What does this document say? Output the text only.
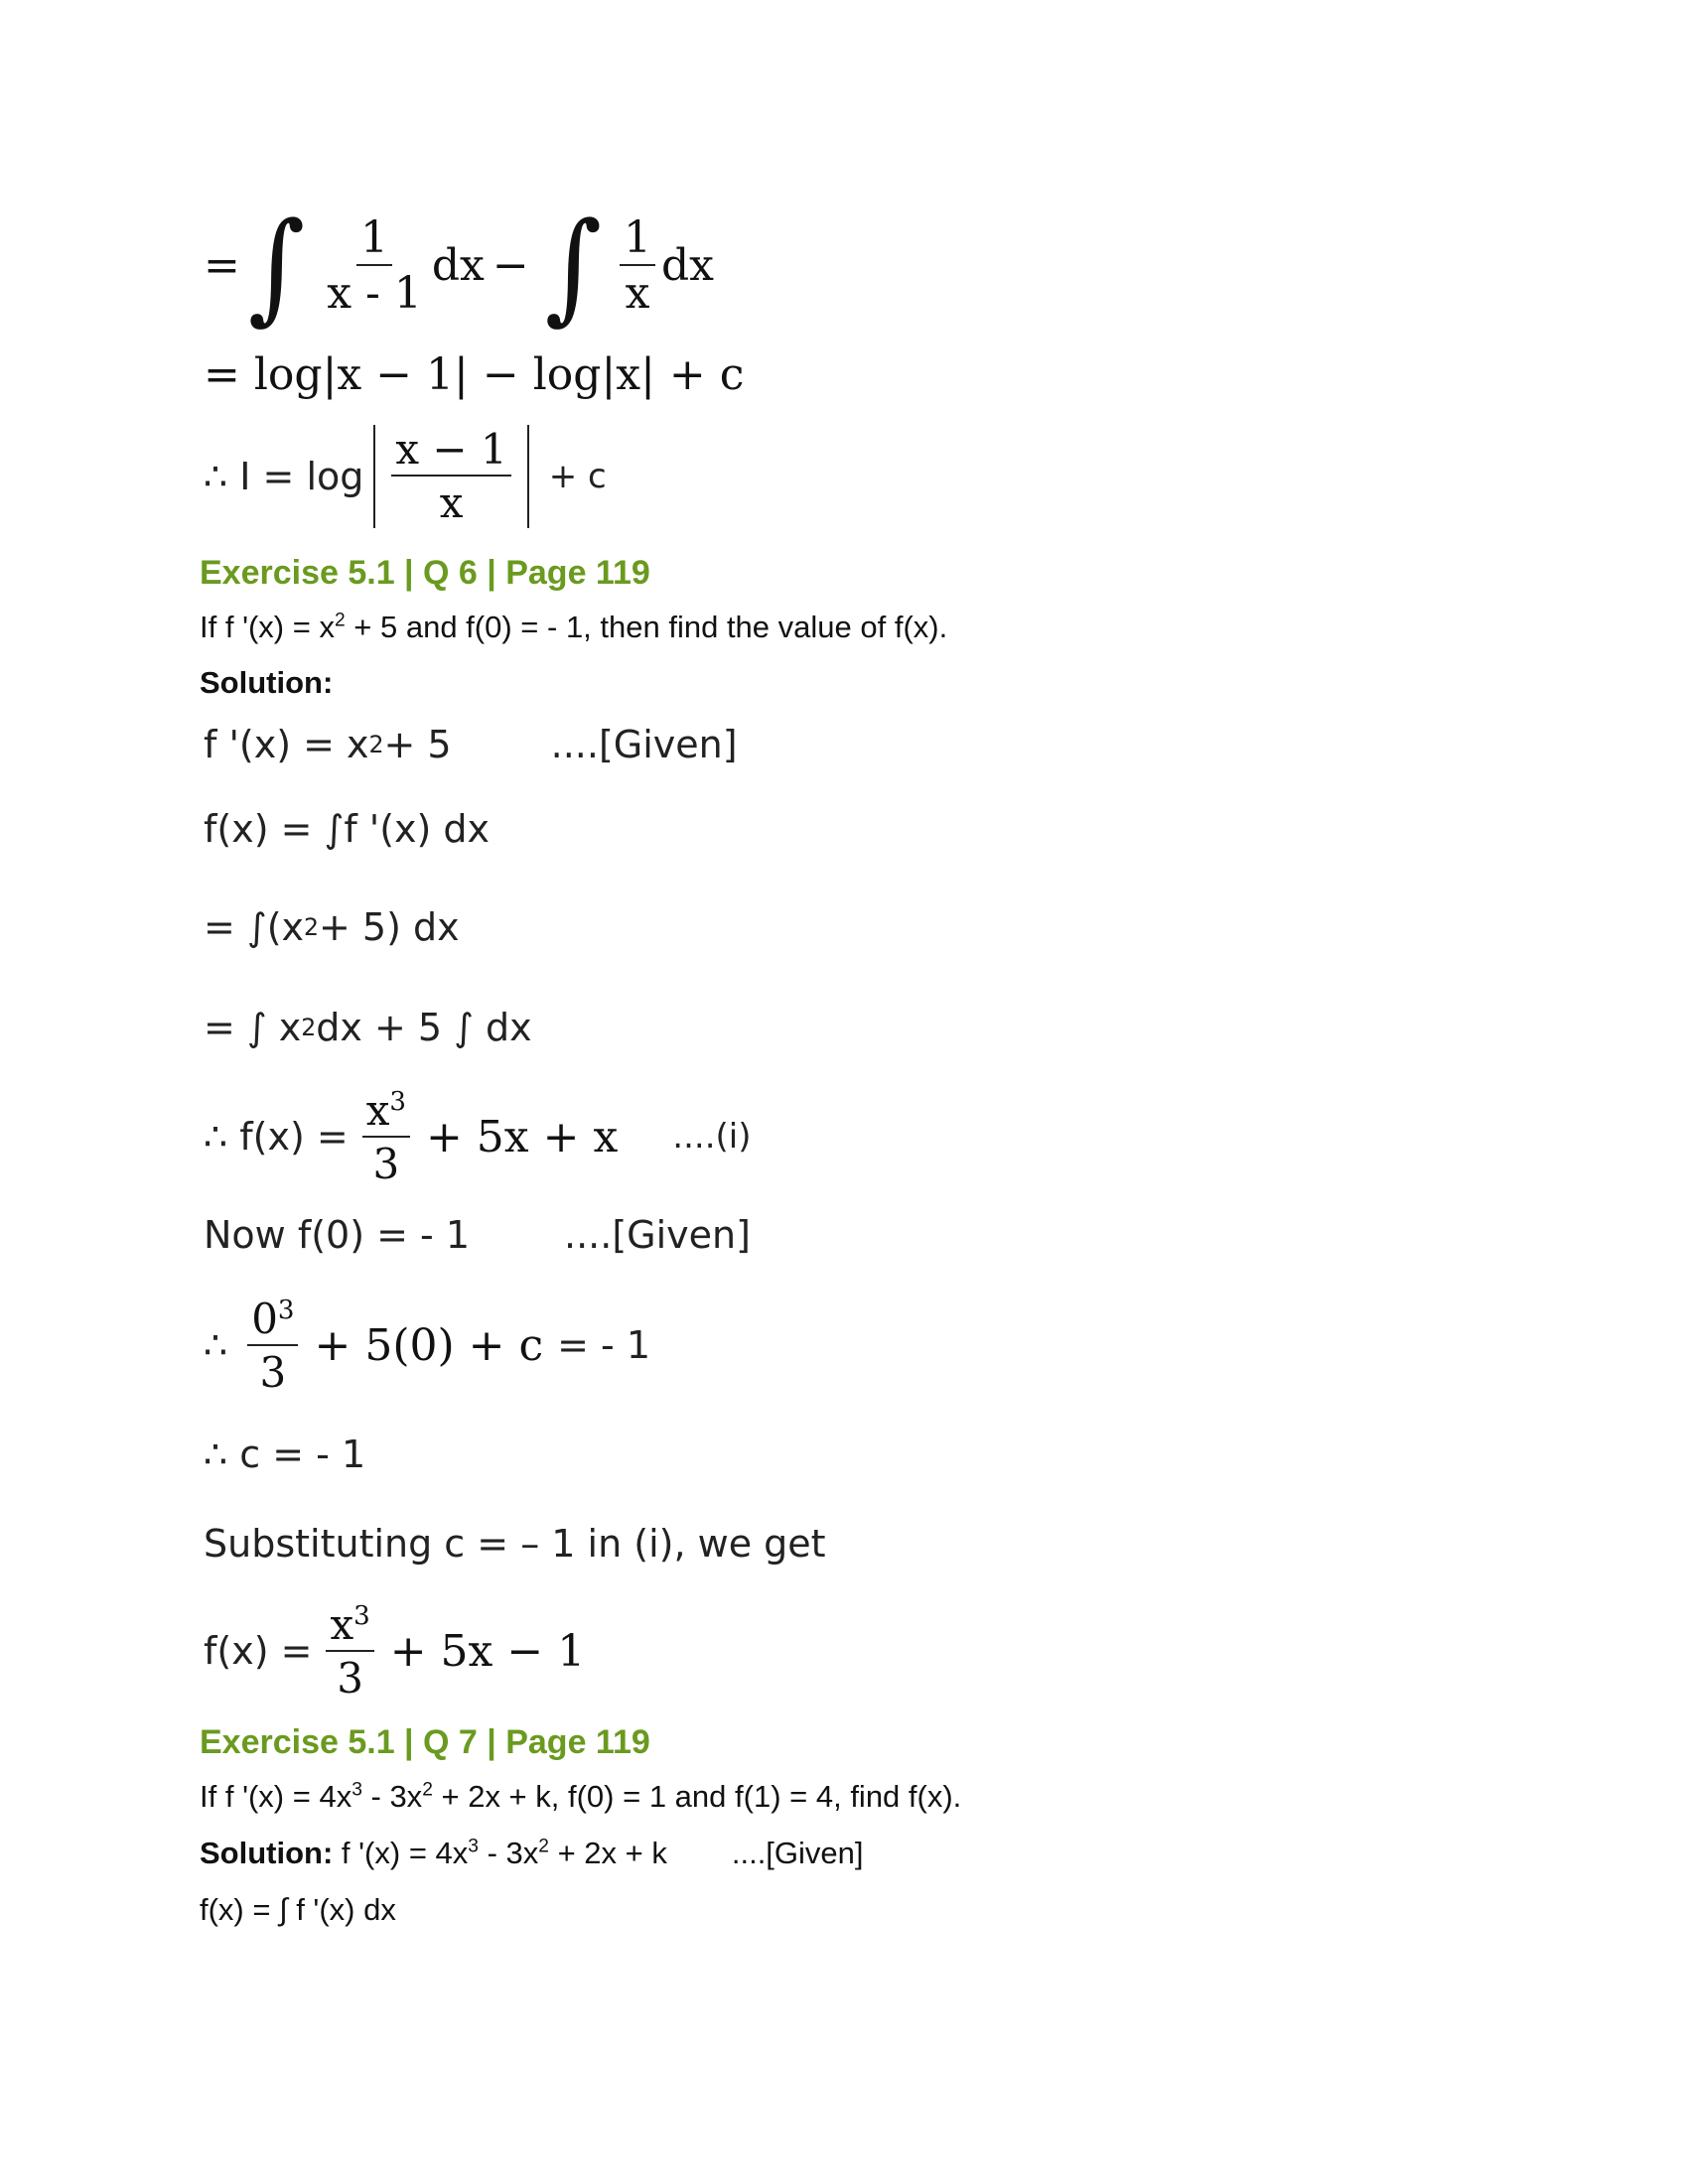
= ∫ $\frac{1}{x - 1}$ dx − ∫ $\frac{1}{x}$ dx
= log|x − 1| − log|x| + c
∴ $I = \log \frac{x - 1}{x} + c$
Exercise 5.1 | Q 6 | Page 119
If f '$(x) = x^2 + 5$ and f(0) = - 1, then find the value of f(x).
Solution:
f '(x) = x 2 + 5	....[Given]
f(x) = ∫f '(x) dx
= ∫(x 2 + 5) dx
= ∫ x 2 dx + 5 ∫ dx
∴ $f(x) = \frac{x^3}{3} + 5x + x$ ....(i)
Now f(0) = - 1	....[Given]
∴ $\frac{0^3}{3} + 5(0) + c$ = - 1
∴ c = - 1
Substituting c = – 1 in (i), we get
$f(x) = \frac{x^3}{3} + 5x - 1$
Exercise 5.1 | Q 7 | Page 119
If f '$(x) = 4x^3 - 3x^2 + 2x + k$, f(0) = 1 and f(1) = 4, find f(x).
Solution: f '$(x) = 4x^3 - 3x^2 + 2x + k$ ....[Given]
f(x) = ∫ f '(x) dx
